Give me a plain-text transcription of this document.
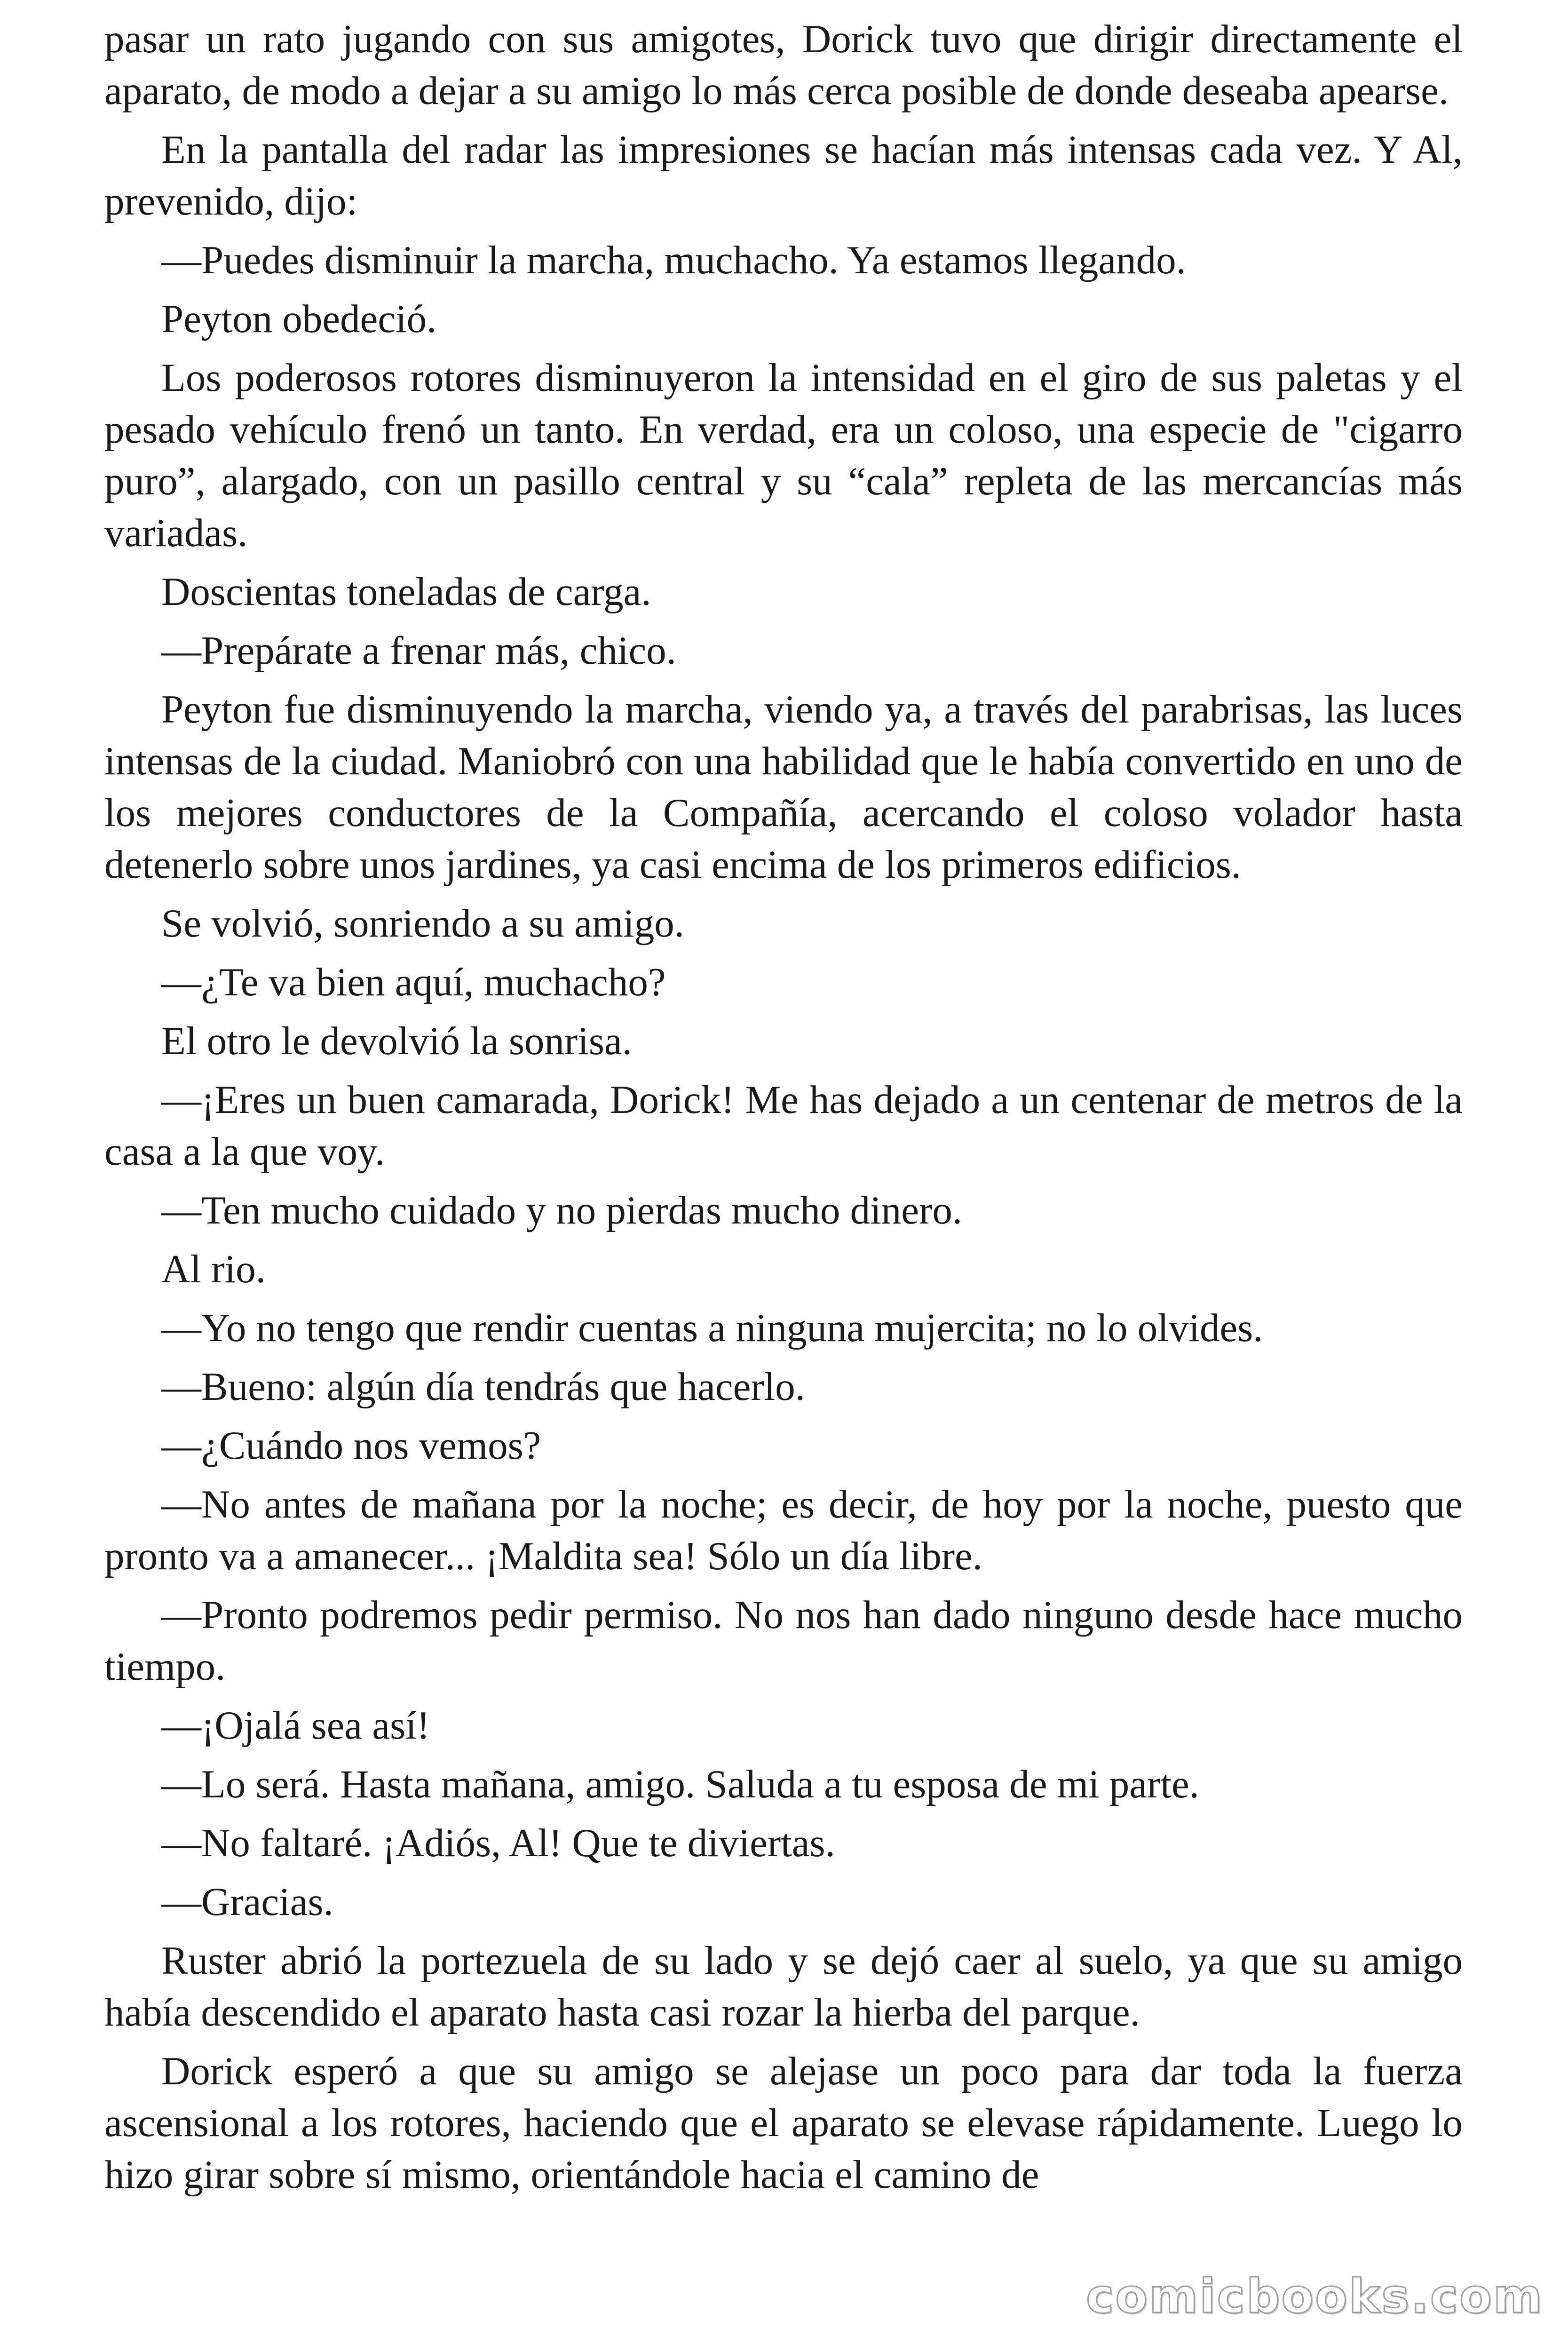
pasar un rato jugando con sus amigotes, Dorick tuvo que dirigir directamente el aparato, de modo a dejar a su amigo lo más cerca posible de donde deseaba apearse.

En la pantalla del radar las impresiones se hacían más intensas cada vez. Y Al, prevenido, dijo:

—Puedes disminuir la marcha, muchacho. Ya estamos llegando.

Peyton obedeció.

Los poderosos rotores disminuyeron la intensidad en el giro de sus paletas y el pesado vehículo frenó un tanto. En verdad, era un coloso, una especie de "cigarro puro”, alargado, con un pasillo central y su “cala” repleta de las mercancías más variadas.

Doscientas toneladas de carga.

—Prepárate a frenar más, chico.

Peyton fue disminuyendo la marcha, viendo ya, a través del parabrisas, las luces intensas de la ciudad. Maniobró con una habilidad que le había convertido en uno de los mejores conductores de la Compañía, acercando el coloso volador hasta detenerlo sobre unos jardines, ya casi encima de los primeros edificios.

Se volvió, sonriendo a su amigo.

—¿Te va bien aquí, muchacho?

El otro le devolvió la sonrisa.

—¡Eres un buen camarada, Dorick! Me has dejado a un centenar de metros de la casa a la que voy.

—Ten mucho cuidado y no pierdas mucho dinero.

Al rio.

—Yo no tengo que rendir cuentas a ninguna mujercita; no lo olvides.

—Bueno: algún día tendrás que hacerlo.

—¿Cuándo nos vemos?

—No antes de mañana por la noche; es decir, de hoy por la noche, puesto que pronto va a amanecer... ¡Maldita sea! Sólo un día libre.

—Pronto podremos pedir permiso. No nos han dado ninguno desde hace mucho tiempo.

—¡Ojalá sea así!

—Lo será. Hasta mañana, amigo. Saluda a tu esposa de mi parte.

—No faltaré. ¡Adiós, Al! Que te diviertas.

—Gracias.

Ruster abrió la portezuela de su lado y se dejó caer al suelo, ya que su amigo había descendido el aparato hasta casi rozar la hierba del parque.

Dorick esperó a que su amigo se alejase un poco para dar toda la fuerza ascensional a los rotores, haciendo que el aparato se elevase rápidamente. Luego lo hizo girar sobre sí mismo, orientándole hacia el camino de

comicbooks.com
